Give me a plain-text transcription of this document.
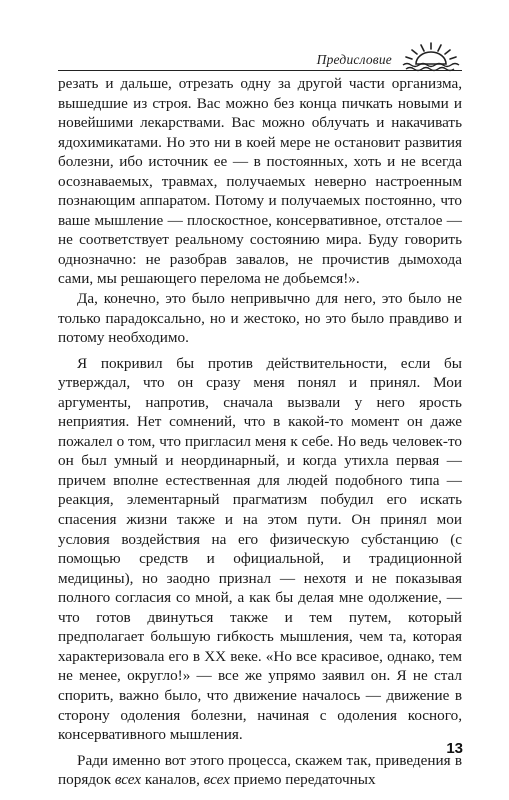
Предисловие

резать и дальше, отрезать одну за другой части организма, вышедшие из строя. Вас можно без конца пичкать новыми и новейшими лекарствами. Вас можно облучать и накачивать ядохимикатами. Но это ни в коей мере не остановит развития болезни, ибо источник ее — в постоянных, хоть и не всегда осознаваемых, травмах, получаемых неверно настроенным познающим аппаратом. Потому и получаемых постоянно, что ваше мышление — плоскостное, консервативное, отсталое — не соответствует реальному состоянию мира. Буду говорить однозначно: не разобрав завалов, не прочистив дымохода сами, мы решающего перелома не добьемся!».

Да, конечно, это было непривычно для него, это было не только парадоксально, но и жестоко, но это было правдиво и потому необходимо.

Я покривил бы против действительности, если бы утверждал, что он сразу меня понял и принял. Мои аргументы, напротив, сначала вызвали у него ярость неприятия. Нет сомнений, что в какой-то момент он даже пожалел о том, что пригласил меня к себе. Но ведь человек-то он был умный и неординарный, и когда утихла первая — причем вполне естественная для людей подобного типа — реакция, элементарный прагматизм побудил его искать спасения жизни также и на этом пути. Он принял мои условия воздействия на его физическую субстанцию (с помощью средств и официальной, и традиционной медицины), но заодно признал — нехотя и не показывая полного согласия со мной, а как бы делая мне одолжение, — что готов двинуться также и тем путем, который предполагает большую гибкость мышления, чем та, которая характеризовала его в XX веке. «Но все красивое, однако, тем не менее, округло!» — все же упрямо заявил он. Я не стал спорить, важно было, что движение началось — движение в сторону одоления болезни, начиная с одоления косного, консервативного мышления.

Ради именно вот этого процесса, скажем так, приведения в порядок всех каналов, всех приемо передаточных

13
